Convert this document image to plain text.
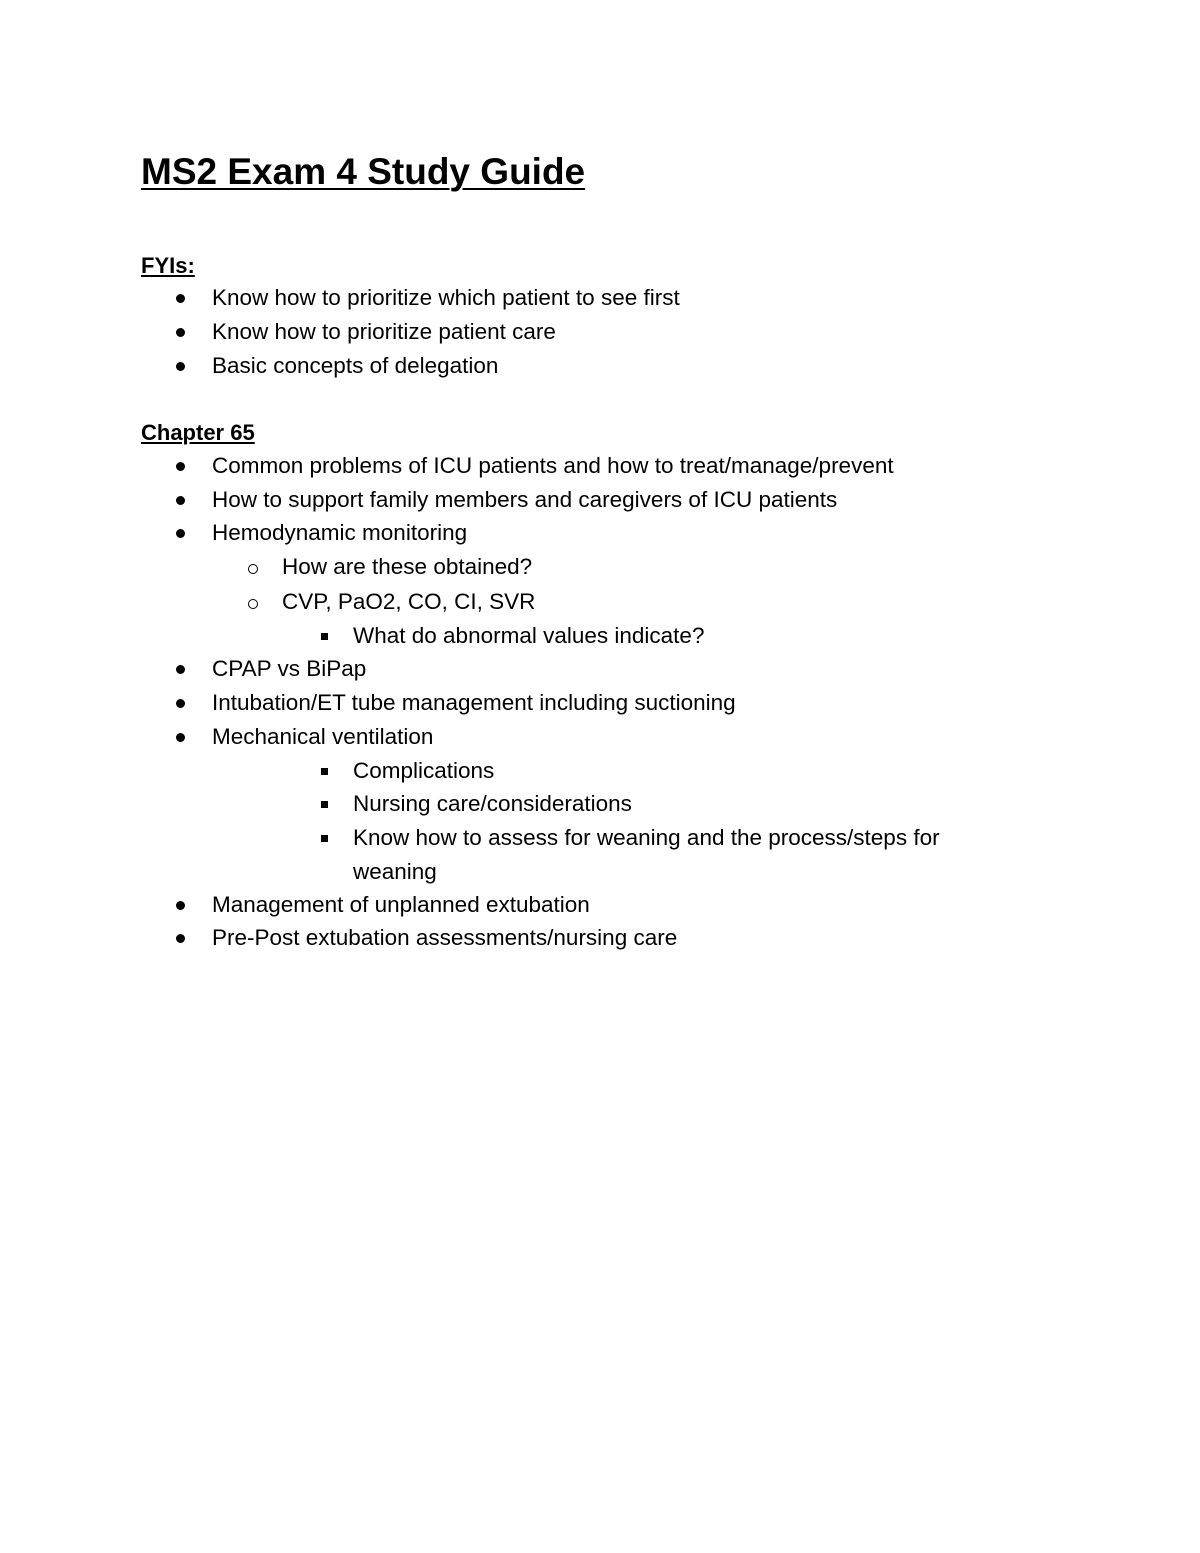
MS2 Exam 4 Study Guide
FYIs:
Know how to prioritize which patient to see first
Know how to prioritize patient care
Basic concepts of delegation
Chapter 65
Common problems of ICU patients and how to treat/manage/prevent
How to support family members and caregivers of ICU patients
Hemodynamic monitoring
How are these obtained?
CVP, PaO2, CO, CI, SVR
What do abnormal values indicate?
CPAP vs BiPap
Intubation/ET tube management including suctioning
Mechanical ventilation
Complications
Nursing care/considerations
Know how to assess for weaning and the process/steps for
weaning
Management of unplanned extubation
Pre-Post extubation assessments/nursing care
